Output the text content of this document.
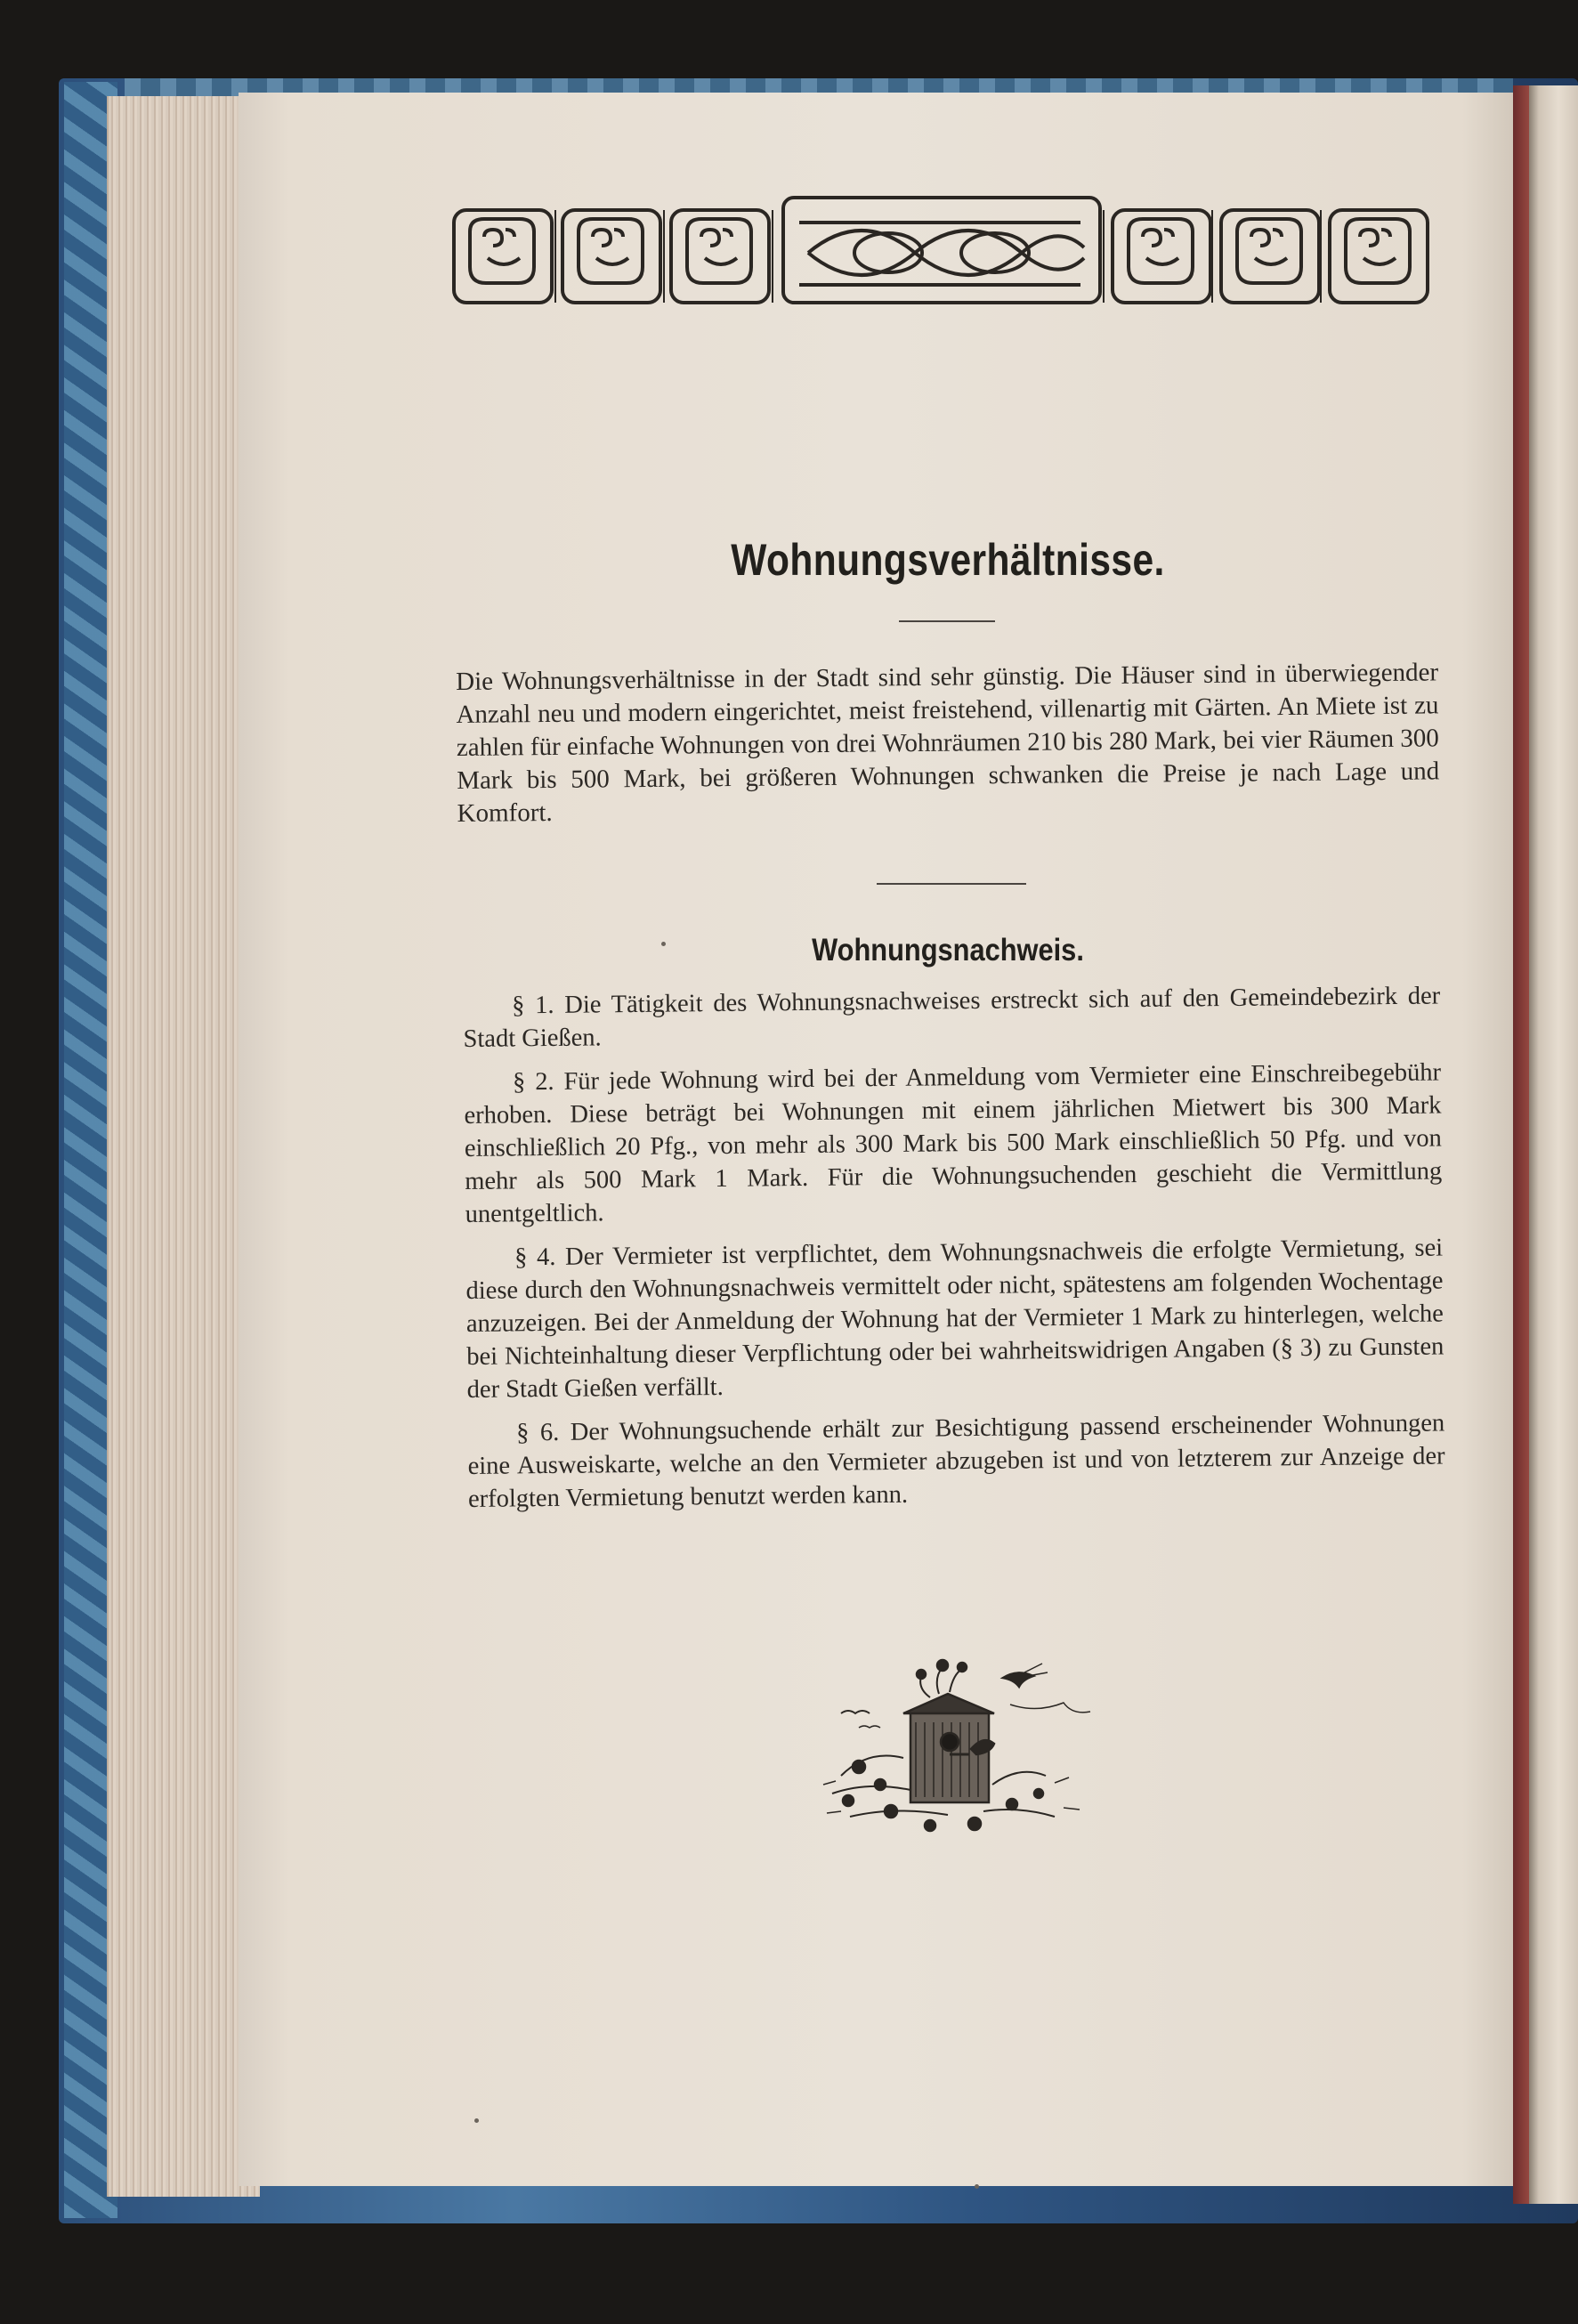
Wohnungsverhältnisse.
Die Wohnungsverhältnisse in der Stadt sind sehr günstig. Die Häuser sind in überwiegender Anzahl neu und modern eingerichtet, meist freistehend, villenartig mit Gärten. An Miete ist zu zahlen für einfache Wohnungen von drei Wohnräumen 210 bis 280 Mark, bei vier Räumen 300 Mark bis 500 Mark, bei größeren Wohnungen schwanken die Preise je nach Lage und Komfort.
Wohnungsnachweis.

§ 1. Die Tätigkeit des Wohnungsnachweises erstreckt sich auf den Gemeindebezirk der Stadt Gießen.

§ 2. Für jede Wohnung wird bei der Anmeldung vom Vermieter eine Einschreibegebühr erhoben. Diese beträgt bei Wohnungen mit einem jährlichen Mietwert bis 300 Mark einschließlich 20 Pfg., von mehr als 300 Mark bis 500 Mark einschließlich 50 Pfg. und von mehr als 500 Mark 1 Mark. Für die Wohnungsuchenden geschieht die Vermittlung unentgeltlich.

§ 4. Der Vermieter ist verpflichtet, dem Wohnungsnachweis die erfolgte Vermietung, sei diese durch den Wohnungsnachweis vermittelt oder nicht, spätestens am folgenden Wochentage anzuzeigen. Bei der Anmeldung der Wohnung hat der Vermieter 1 Mark zu hinterlegen, welche bei Nichteinhaltung dieser Verpflichtung oder bei wahrheitswidrigen Angaben (§ 3) zu Gunsten der Stadt Gießen verfällt.

§ 6. Der Wohnungsuchende erhält zur Besichtigung passend erscheinender Wohnungen eine Ausweiskarte, welche an den Vermieter abzugeben ist und von letzterem zur Anzeige der erfolgten Vermietung benutzt werden kann.
